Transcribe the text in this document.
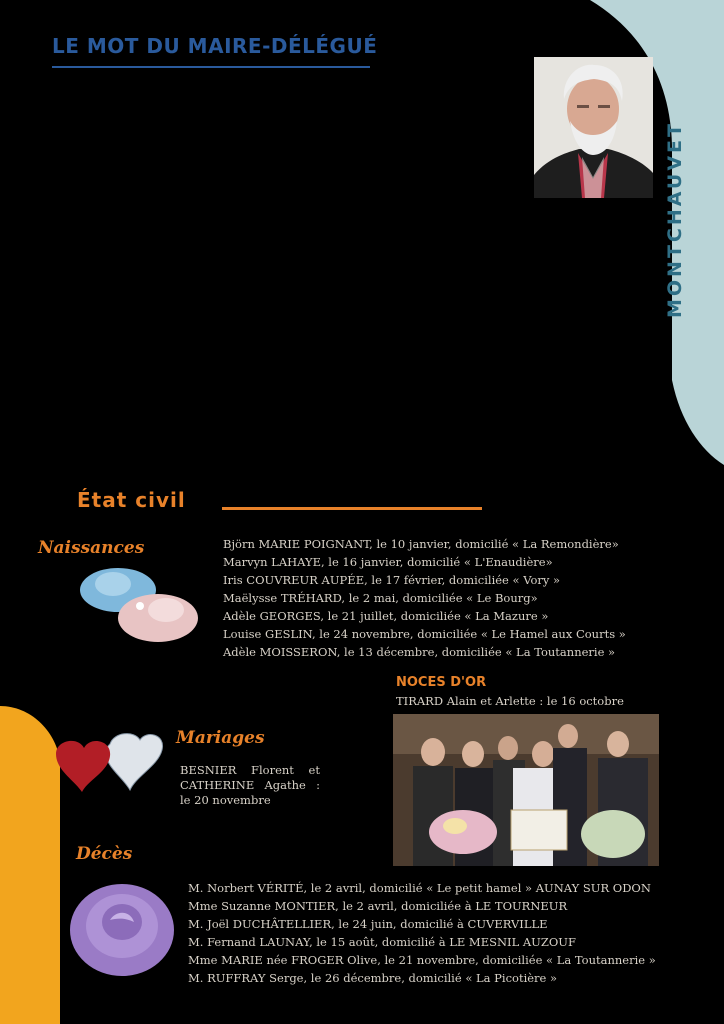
LE MOT DU MAIRE-DÉLÉGUÉ
MONTCHAUVET
État civil
Naissances	Björn MARIE POIGNANT, le 10 janvier, domicilié « La Remondière»
Marvyn LAHAYE, le 16 janvier, domicilié « L'Enaudière»
Iris COUVREUR AUPÉE, le 17 février, domiciliée « Vory »
Maëlysse TRÉHARD, le 2 mai, domiciliée « Le Bourg»
Adèle GEORGES, le 21 juillet, domiciliée « La Mazure »
Louise GESLIN, le 24 novembre, domiciliée « Le Hamel aux Courts »
Adèle MOISSERON, le 13 décembre, domiciliée « La Toutannerie »
NOCES D'OR
TIRARD Alain et Arlette : le 16 octobre
Mariages
BESNIER Florent et CATHERINE Agathe : le 20 novembre
Décès
M. Norbert VÉRITÉ, le 2 avril, domicilié « Le petit hamel » AUNAY SUR ODON
Mme Suzanne MONTIER, le 2 avril, domiciliée à LE TOURNEUR
M. Joël DUCHÂTELLIER, le 24 juin, domicilié à CUVERVILLE
M. Fernand LAUNAY, le 15 août, domicilié à LE MESNIL AUZOUF
Mme MARIE née FROGER Olive, le 21 novembre, domiciliée « La Toutannerie »
M. RUFFRAY Serge, le 26 décembre, domicilié « La Picotière »
